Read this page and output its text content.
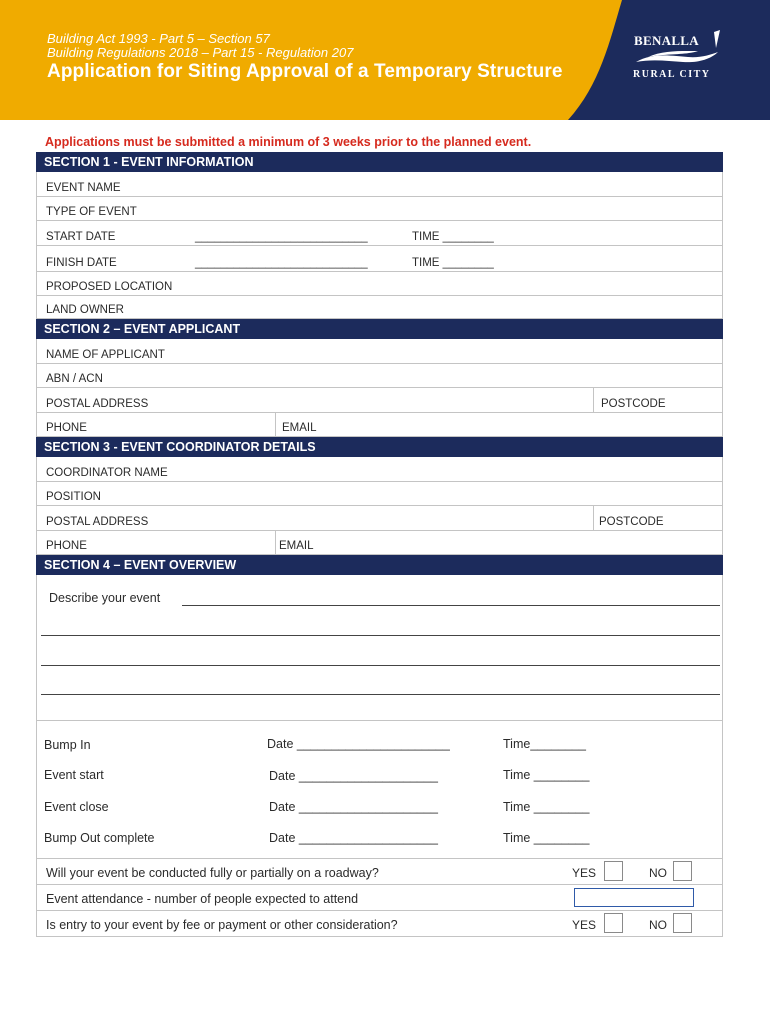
Building Act 1993 - Part 5 – Section 57
Building Regulations 2018 – Part 15 - Regulation 207
Application for Siting Approval of a Temporary Structure
BENALLA
RURAL CITY
Applications must be submitted a minimum of 3 weeks prior to the planned event.
SECTION 1 - EVENT INFORMATION
EVENT NAME
TYPE OF EVENT
START DATE	___________________________	TIME ________
FINISH DATE	___________________________	TIME ________
PROPOSED LOCATION
LAND OWNER
SECTION 2 – EVENT APPLICANT
NAME OF APPLICANT
ABN / ACN
POSTAL ADDRESS	POSTCODE
PHONE	EMAIL
SECTION 3 - EVENT COORDINATOR DETAILS
COORDINATOR NAME
POSITION
POSTAL ADDRESS	POSTCODE
PHONE	EMAIL
SECTION 4 – EVENT OVERVIEW
Describe your event
Bump In	Date ______________________	Time________
Event start	Date ____________________	Time ________
Event close	Date ____________________	Time ________
Bump Out complete	Date ____________________	Time ________
Will your event be conducted fully or partially on a roadway?	YES	NO
Event attendance - number of people expected to attend
Is entry to your event by fee or payment or other consideration?	YES	NO
